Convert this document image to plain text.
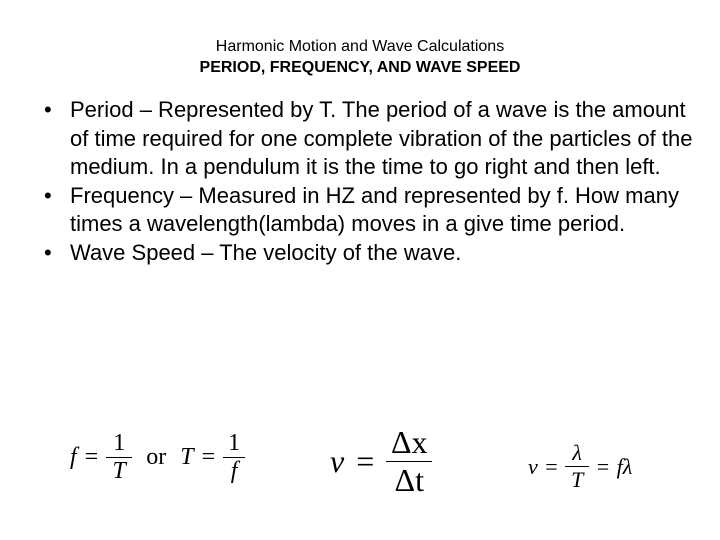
Harmonic Motion and Wave Calculations
PERIOD, FREQUENCY, AND WAVE SPEED
• Period – Represented by T. The period of a wave is the amount of time required for one complete vibration of the particles of the medium. In a pendulum it is the time to go right and then left.
• Frequency – Measured in HZ and represented by f. How many times a wavelength(lambda) moves in a give time period.
• Wave Speed – The velocity of the wave.
$f = \frac{1}{T}$ or $T = \frac{1}{f}$	$v = \frac{\Delta x}{\Delta t}$	$v = \frac{\lambda}{T} = f\lambda$
